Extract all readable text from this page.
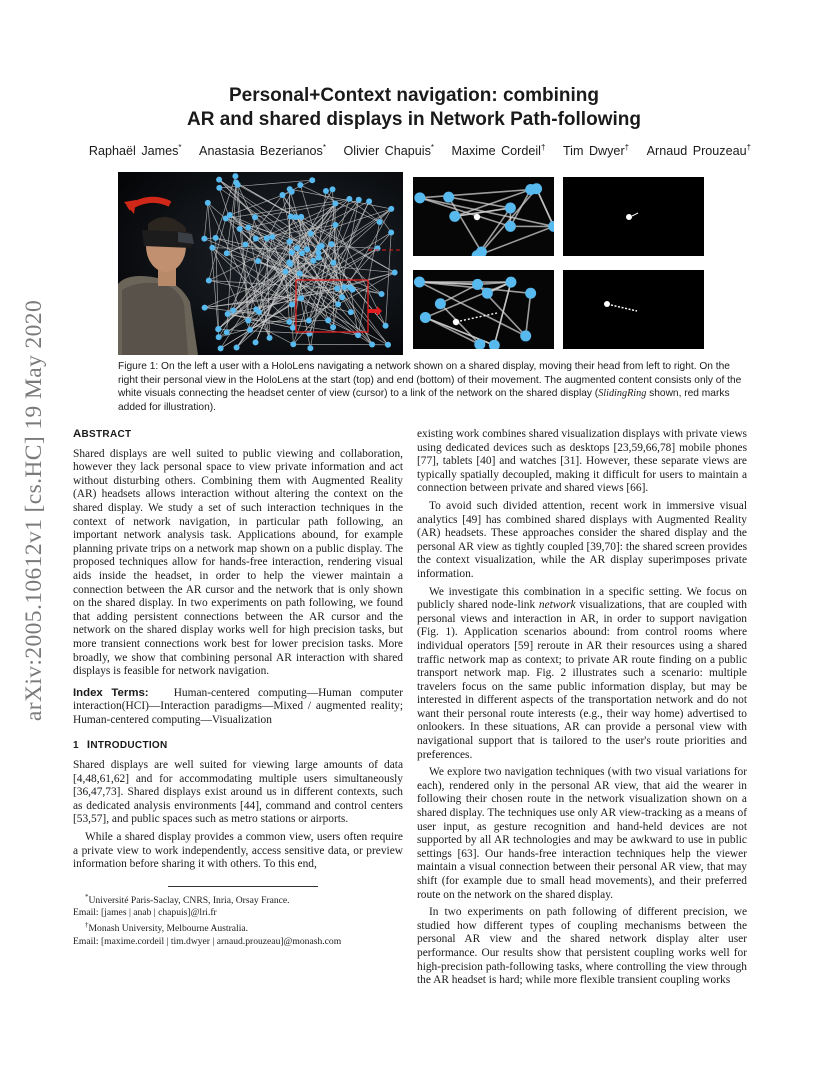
arXiv:2005.10612v1 [cs.HC] 19 May 2020
Personal+Context navigation: combining
AR and shared displays in Network Path-following
Raphaël James* Anastasia Bezerianos* Olivier Chapuis* Maxime Cordeil† Tim Dwyer† Arnaud Prouzeau†
Figure 1: On the left a user with a HoloLens navigating a network shown on a shared display, moving their head from left to right. On the right their personal view in the HoloLens at the start (top) and end (bottom) of their movement. The augmented content consists only of the white visuals connecting the headset center of view (cursor) to a link of the network on the shared display (SlidingRing shown, red marks added for illustration).
ABSTRACT

Shared displays are well suited to public viewing and collaboration, however they lack personal space to view private information and act without disturbing others. Combining them with Augmented Reality (AR) headsets allows interaction without altering the context on the shared display. We study a set of such interaction techniques in the context of network navigation, in particular path following, an important network analysis task. Applications abound, for example planning private trips on a network map shown on a public display. The proposed techniques allow for hands-free interaction, rendering visual aids inside the headset, in order to help the viewer maintain a connection between the AR cursor and the network that is only shown on the shared display. In two experiments on path following, we found that adding persistent connections between the AR cursor and the network on the shared display works well for high precision tasks, but more transient connections work best for lower precision tasks. More broadly, we show that combining personal AR interaction with shared displays is feasible for network navigation.

Index Terms: Human-centered computing—Human computer interaction(HCI)—Interaction paradigms—Mixed / augmented reality; Human-centered computing—Visualization

1 INTRODUCTION

Shared displays are well suited for viewing large amounts of data [4,48,61,62] and for accommodating multiple users simultaneously [36,47,73]. Shared displays exist around us in different contexts, such as dedicated analysis environments [44], command and control centers [53,57], and public spaces such as metro stations or airports.

While a shared display provides a common view, users often require a private view to work independently, access sensitive data, or preview information before sharing it with others. To this end,

*Université Paris-Saclay, CNRS, Inria, Orsay France.
Email: [james | anab | chapuis]@lri.fr
†Monash University, Melbourne Australia.
Email: [maxime.cordeil | tim.dwyer | arnaud.prouzeau]@monash.com

existing work combines shared visualization displays with private views using dedicated devices such as desktops [23,59,66,78] mobile phones [77], tablets [40] and watches [31]. However, these separate views are typically spatially decoupled, making it difficult for users to maintain a connection between private and shared views [66].

To avoid such divided attention, recent work in immersive visual analytics [49] has combined shared displays with Augmented Reality (AR) headsets. These approaches consider the shared display and the personal AR view as tightly coupled [39,70]: the shared screen provides the context visualization, while the AR display superimposes private information.

We investigate this combination in a specific setting. We focus on publicly shared node-link network visualizations, that are coupled with personal views and interaction in AR, in order to support navigation (Fig. 1). Application scenarios abound: from control rooms where individual operators [59] reroute in AR their resources using a shared traffic network map as context; to private AR route finding on a public transport network map. Fig. 2 illustrates such a scenario: multiple travelers focus on the same public information display, but may be interested in different aspects of the transportation network and do not want their personal route interests (e.g., their way home) advertised to onlookers. In these situations, AR can provide a personal view with navigational support that is tailored to the user's route priorities and preferences.

We explore two navigation techniques (with two visual variations for each), rendered only in the personal AR view, that aid the wearer in following their chosen route in the network visualization shown on a shared display. The techniques use only AR view-tracking as a means of user input, as gesture recognition and hand-held devices are not supported by all AR technologies and may be awkward to use in public settings [63]. Our hands-free interaction techniques help the viewer maintain a visual connection between their personal AR view, that may shift (for example due to small head movements), and their preferred route on the network on the shared display.

In two experiments on path following of different precision, we studied how different types of coupling mechanisms between the personal AR view and the shared network display alter user performance. Our results show that persistent coupling works well for high-precision path-following tasks, where controlling the view through the AR headset is hard; while more flexible transient coupling works
